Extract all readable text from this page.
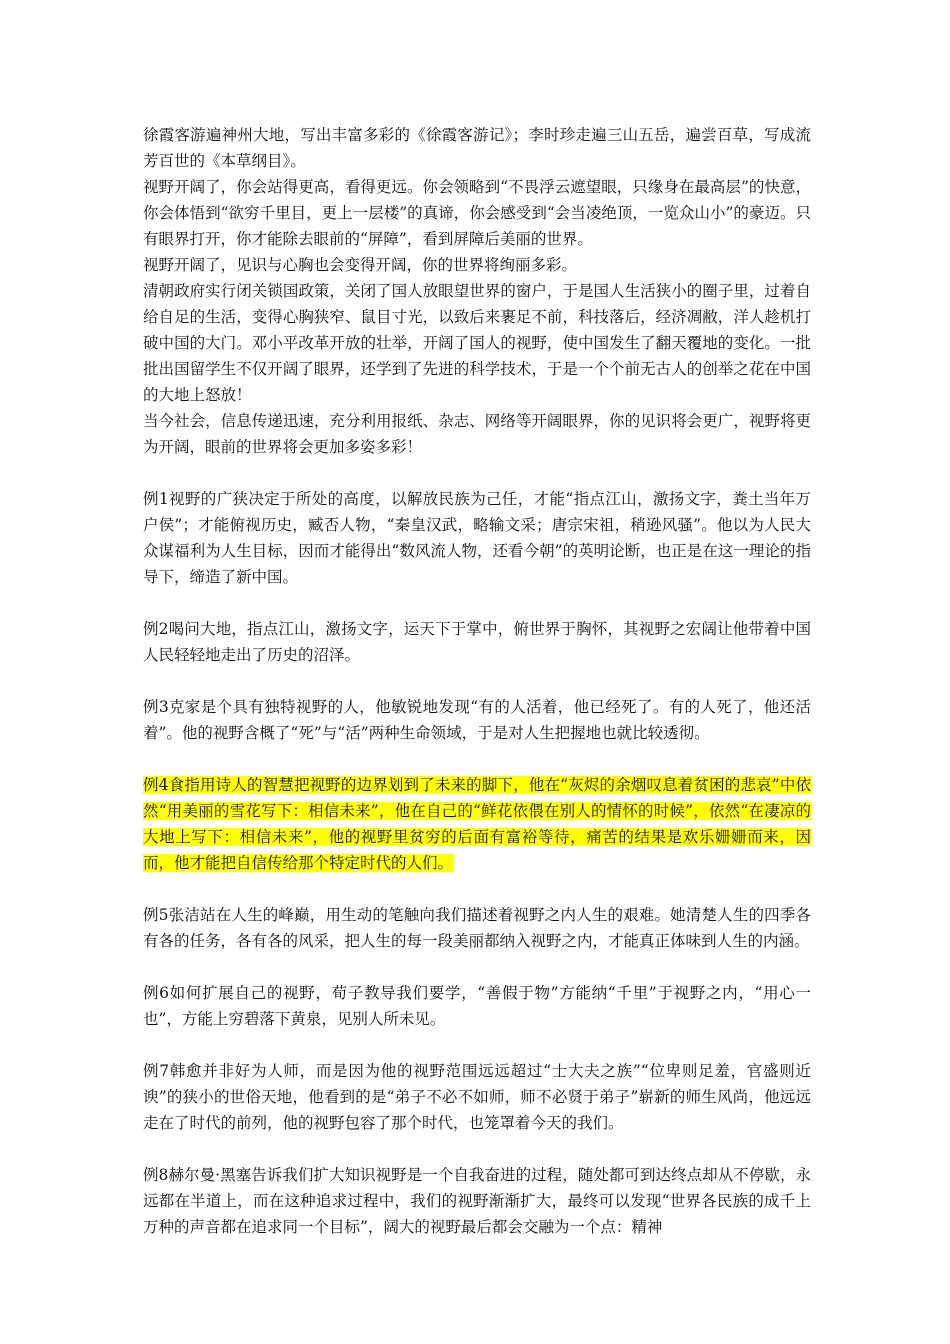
徐霞客游遍神州大地，写出丰富多彩的《徐霞客游记》；李时珍走遍三山五岳，遍尝百草，写成流芳百世的《本草纲目》。

视野开阔了，你会站得更高，看得更远。你会领略到“不畏浮云遮望眼，只缘身在最高层”的快意，你会体悟到“欲穷千里目，更上一层楼”的真谛，你会感受到“会当凌绝顶，一览众山小”的豪迈。只有眼界打开，你才能除去眼前的“屏障”，看到屏障后美丽的世界。

视野开阔了，见识与心胸也会变得开阔，你的世界将绚丽多彩。

清朝政府实行闭关锁国政策，关闭了国人放眼望世界的窗户，于是国人生活狭小的圈子里，过着自给自足的生活，变得心胸狭窄、鼠目寸光，以致后来裹足不前，科技落后，经济凋敝，洋人趁机打破中国的大门。邓小平改革开放的壮举，开阔了国人的视野，使中国发生了翻天覆地的变化。一批批出国留学生不仅开阔了眼界，还学到了先进的科学技术，于是一个个前无古人的创举之花在中国的大地上怒放！

当今社会，信息传递迅速，充分利用报纸、杂志、网络等开阔眼界，你的见识将会更广，视野将更为开阔，眼前的世界将会更加多姿多彩！

例1视野的广狭决定于所处的高度，以解放民族为己任，才能“指点江山，激扬文字，粪土当年万户侯”；才能俯视历史，臧否人物，“秦皇汉武，略输文采；唐宗宋祖，稍逊风骚”。他以为人民大众谋福利为人生目标，因而才能得出“数风流人物，还看今朝”的英明论断，也正是在这一理论的指导下，缔造了新中国。

例2喝问大地，指点江山，激扬文字，运天下于掌中，俯世界于胸怀，其视野之宏阔让他带着中国人民轻轻地走出了历史的沼泽。

例3克家是个具有独特视野的人，他敏锐地发现“有的人活着，他已经死了。有的人死了，他还活着”。他的视野含概了“死”与“活”两种生命领域，于是对人生把握地也就比较透彻。

例4食指用诗人的智慧把视野的边界划到了未来的脚下，他在“灰烬的余烟叹息着贫困的悲哀”中依然“用美丽的雪花写下：相信未来”，他在自己的“鲜花依偎在别人的情怀的时候”，依然“在凄凉的大地上写下：相信未来”，他的视野里贫穷的后面有富裕等待，痛苦的结果是欢乐姗姗而来，因而，他才能把自信传给那个特定时代的人们。

例5张洁站在人生的峰巅，用生动的笔触向我们描述着视野之内人生的艰难。她清楚人生的四季各有各的任务，各有各的风采，把人生的每一段美丽都纳入视野之内，才能真正体味到人生的内涵。

例6如何扩展自己的视野，荀子教导我们要学，“善假于物”方能纳“千里”于视野之内，“用心一也”，方能上穷碧落下黄泉，见别人所未见。

例7韩愈并非好为人师，而是因为他的视野范围远远超过“士大夫之族”“位卑则足羞，官盛则近谀”的狭小的世俗天地，他看到的是“弟子不必不如师，师不必贤于弟子”崭新的师生风尚，他远远走在了时代的前列，他的视野包容了那个时代，也笼罩着今天的我们。

例8赫尔曼·黑塞告诉我们扩大知识视野是一个自我奋进的过程，随处都可到达终点却从不停歇，永远都在半道上，而在这种追求过程中，我们的视野渐渐扩大，最终可以发现“世界各民族的成千上万种的声音都在追求同一个目标”，阔大的视野最后都会交融为一个点：精神
